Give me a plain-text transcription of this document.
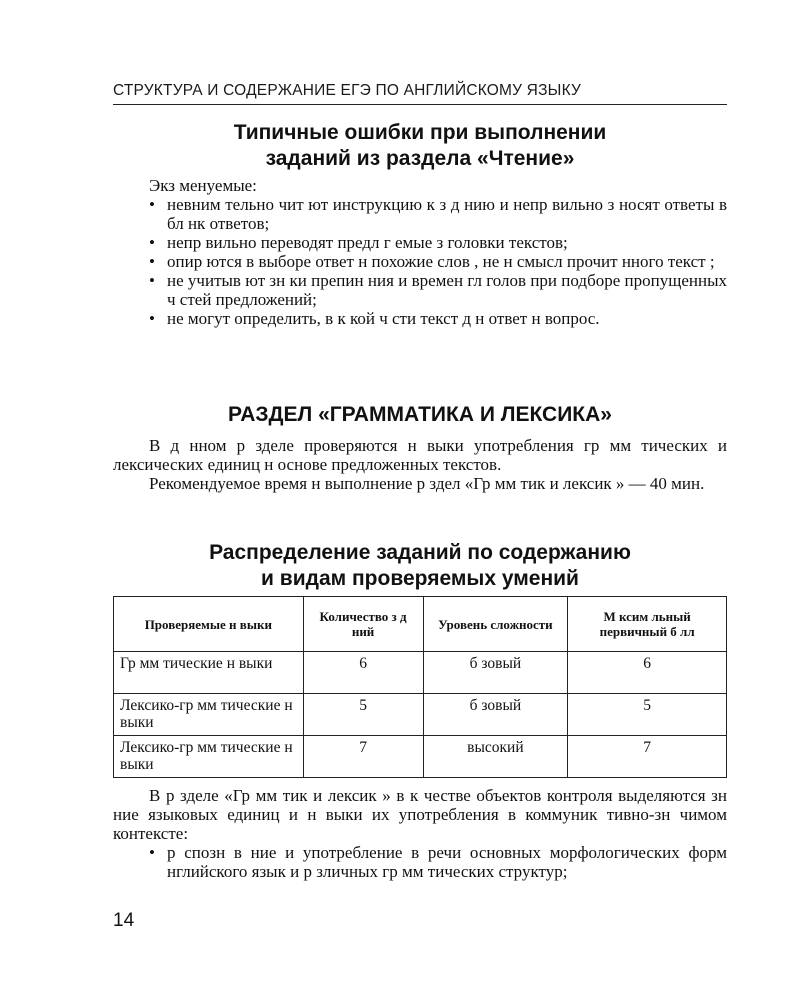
СТРУКТУРА И СОДЕРЖАНИЕ ЕГЭ ПО АНГЛИЙСКОМУ ЯЗЫКУ
Типичные ошибки при выполнении
заданий из раздела «Чтение»
Экз менуемые:
• невним тельно чит ют инструкцию к з д нию и непр вильно з носят ответы в бл нк ответов;
• непр вильно переводят предл г емые з головки текстов;
• опир ются в выборе ответ н похожие слов , не н смысл прочит нного текст ;
• не учитыв ют зн ки препин ния и времен гл голов при подборе пропущенных ч стей предложений;
• не могут определить, в к кой ч сти текст д н ответ н вопрос.
РАЗДЕЛ «ГРАММАТИКА И ЛЕКСИКА»
В д нном р зделе проверяются н выки употребления гр мм тических и лексических единиц н основе предложенных текстов.
Рекомендуемое время н выполнение р здел «Гр мм тик и лексик » — 40 мин.
Распределение заданий по содержанию
и видам проверяемых умений
Проверяемые н выки	Количество з д ний	Уровень сложности	М ксим льный первичный б лл
Гр мм тические н выки	6	б зовый	6
Лексико-гр мм тические н выки	5	б зовый	5
Лексико-гр мм тические н выки	7	высокий	7
В р зделе «Гр мм тик и лексик » в к честве объектов контроля выделяются зн ние языковых единиц и н выки их употребления в коммуник тивно-зн чимом контексте:
• р спозн в ние и употребление в речи основных морфологических форм нглийского язык и р зличных гр мм тических структур;
14
